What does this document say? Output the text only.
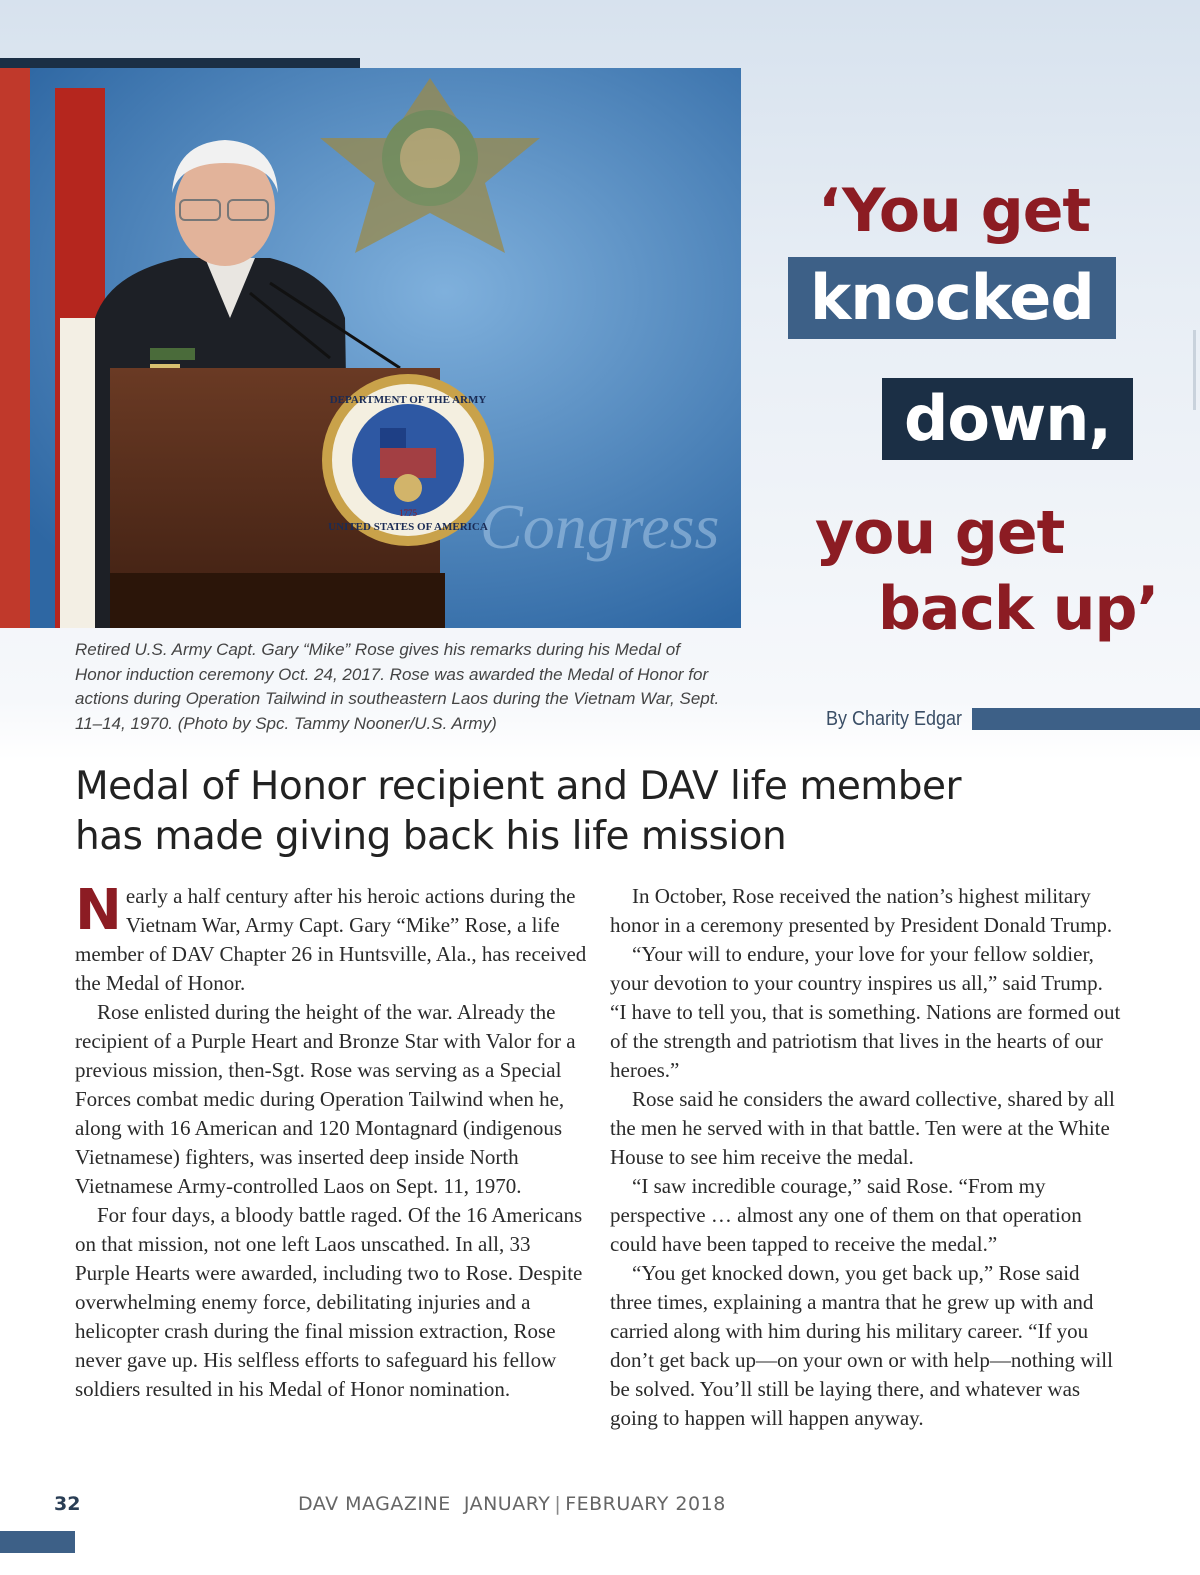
Congress
DEPARTMENT OF THE ARMY
UNITED STATES OF AMERICA
1775
Retired U.S. Army Capt. Gary “Mike” Rose gives his remarks during his Medal of Honor induction ceremony Oct. 24, 2017. Rose was awarded the Medal of Honor for actions during Operation Tailwind in southeastern Laos during the Vietnam War, Sept. 11–14, 1970. (Photo by Spc. Tammy Nooner/U.S. Army)
‘You get
knocked
down,
you get
back up’
By Charity Edgar
Medal of Honor recipient and DAV life member has made giving back his life mission

Nearly a half century after his heroic actions during the Vietnam War, Army Capt. Gary “Mike” Rose, a life member of DAV Chapter 26 in Huntsville, Ala., has received the Medal of Honor.

Rose enlisted during the height of the war. Already the recipient of a Purple Heart and Bronze Star with Valor for a previous mission, then-Sgt. Rose was serving as a Special Forces combat medic during Operation Tailwind when he, along with 16 American and 120 Montagnard (indigenous Vietnamese) fighters, was inserted deep inside North Vietnamese Army-controlled Laos on Sept. 11, 1970.

For four days, a bloody battle raged. Of the 16 Americans on that mission, not one left Laos unscathed. In all, 33 Purple Hearts were awarded, including two to Rose. Despite overwhelming enemy force, debilitating injuries and a helicopter crash during the final mission extraction, Rose never gave up. His selfless efforts to safeguard his fellow soldiers resulted in his Medal of Honor nomination.

In October, Rose received the nation’s highest military honor in a ceremony presented by President Donald Trump.

“Your will to endure, your love for your fellow soldier, your devotion to your country inspires us all,” said Trump. “I have to tell you, that is something. Nations are formed out of the strength and patriotism that lives in the hearts of our heroes.”

Rose said he considers the award collective, shared by all the men he served with in that battle. Ten were at the White House to see him receive the medal.

“I saw incredible courage,” said Rose. “From my perspective … almost any one of them on that operation could have been tapped to receive the medal.”

“You get knocked down, you get back up,” Rose said three times, explaining a mantra that he grew up with and carried along with him during his military career. “If you don’t get back up—on your own or with help—nothing will be solved. You’ll still be laying there, and whatever was going to happen will happen anyway.

32	DAV MAGAZINE JANUARY | FEBRUARY 2018
